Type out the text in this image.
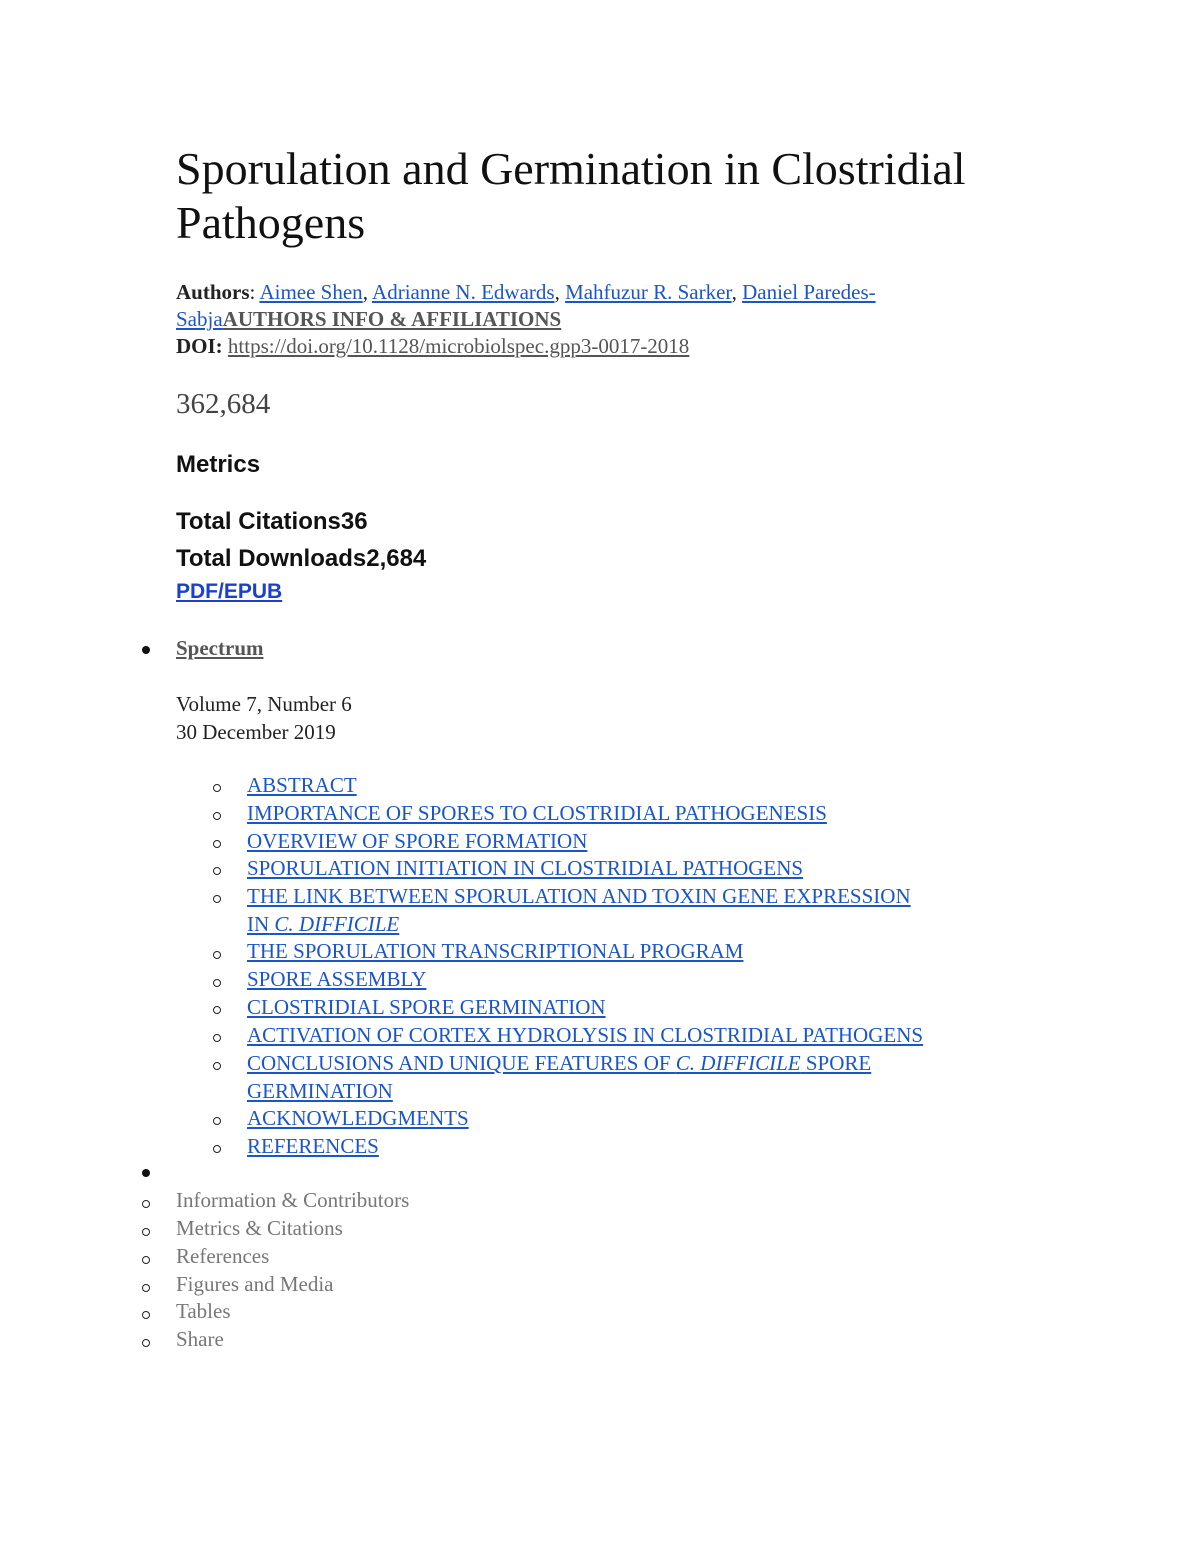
Sporulation and Germination in Clostridial Pathogens
Authors: Aimee Shen, Adrianne N. Edwards, Mahfuzur R. Sarker, Daniel Paredes-SabjaAUTHORS INFO & AFFILIATIONS
DOI: https://doi.org/10.1128/microbiolspec.gpp3-0017-2018
362,684
Metrics
Total Citations36
Total Downloads2,684
PDF/EPUB
Spectrum
Volume 7, Number 6
30 December 2019
ABSTRACT
IMPORTANCE OF SPORES TO CLOSTRIDIAL PATHOGENESIS
OVERVIEW OF SPORE FORMATION
SPORULATION INITIATION IN CLOSTRIDIAL PATHOGENS
THE LINK BETWEEN SPORULATION AND TOXIN GENE EXPRESSION
IN C. DIFFICILE
THE SPORULATION TRANSCRIPTIONAL PROGRAM
SPORE ASSEMBLY
CLOSTRIDIAL SPORE GERMINATION
ACTIVATION OF CORTEX HYDROLYSIS IN CLOSTRIDIAL PATHOGENS
CONCLUSIONS AND UNIQUE FEATURES OF C. DIFFICILE SPORE
GERMINATION
ACKNOWLEDGMENTS
REFERENCES
Information & Contributors
Metrics & Citations
References
Figures and Media
Tables
Share
